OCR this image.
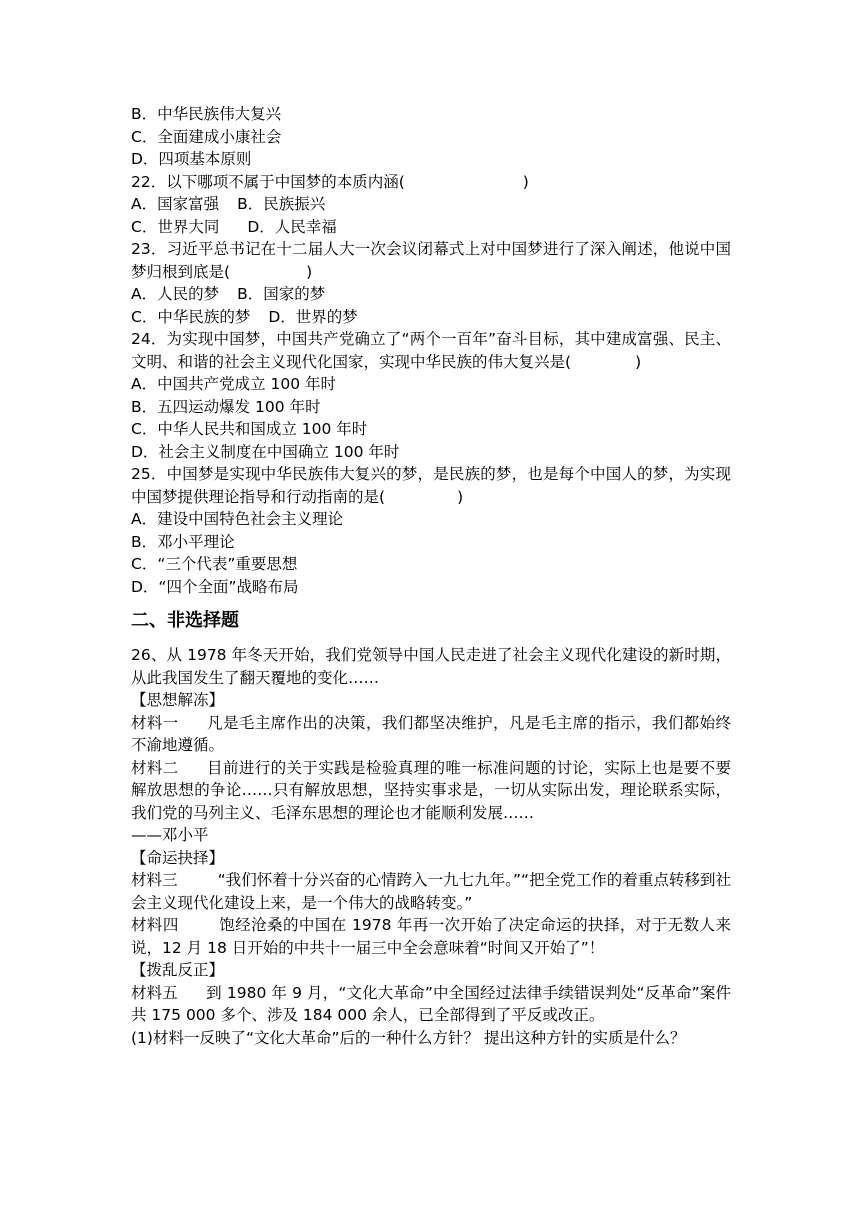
B．中华民族伟大复兴
C．全面建成小康社会
D．四项基本原则
22．以下哪项不属于中国梦的本质内涵(	)
A．国家富强 B．民族振兴
C．世界大同 D．人民幸福
23．习近平总书记在十二届人大一次会议闭幕式上对中国梦进行了深入阐述，他说中国梦归根到底是(	)
A．人民的梦 B．国家的梦
C．中华民族的梦 D．世界的梦
24．为实现中国梦，中国共产党确立了“两个一百年”奋斗目标，其中建成富强、民主、文明、和谐的社会主义现代化国家，实现中华民族的伟大复兴是(	)
A．中国共产党成立 100 年时
B．五四运动爆发 100 年时
C．中华人民共和国成立 100 年时
D．社会主义制度在中国确立 100 年时
25．中国梦是实现中华民族伟大复兴的梦，是民族的梦，也是每个中国人的梦，为实现中国梦提供理论指导和行动指南的是(	)
A．建设中国特色社会主义理论
B．邓小平理论
C．“三个代表”重要思想
D．“四个全面”战略布局
二、非选择题
26、从 1978 年冬天开始，我们党领导中国人民走进了社会主义现代化建设的新时期，从此我国发生了翻天覆地的变化……
【思想解冻】
材料一 凡是毛主席作出的决策，我们都坚决维护，凡是毛主席的指示，我们都始终不渝地遵循。
材料二 目前进行的关于实践是检验真理的唯一标准问题的讨论，实际上也是要不要解放思想的争论……只有解放思想，坚持实事求是，一切从实际出发，理论联系实际，我们党的马列主义、毛泽东思想的理论也才能顺利发展……
——邓小平
【命运抉择】
材料三	“我们怀着十分兴奋的心情跨入一九七九年。”“把全党工作的着重点转移到社会主义现代化建设上来，是一个伟大的战略转变。”
材料四	饱经沧桑的中国在 1978 年再一次开始了决定命运的抉择，对于无数人来说，12 月 18 日开始的中共十一届三中全会意味着“时间又开始了”！
【拨乱反正】
材料五 到 1980 年 9 月，“文化大革命”中全国经过法律手续错误判处“反革命”案件共 175 000 多个、涉及 184 000 余人，已全部得到了平反或改正。
(1)材料一反映了“文化大革命”后的一种什么方针？ 提出这种方针的实质是什么？
